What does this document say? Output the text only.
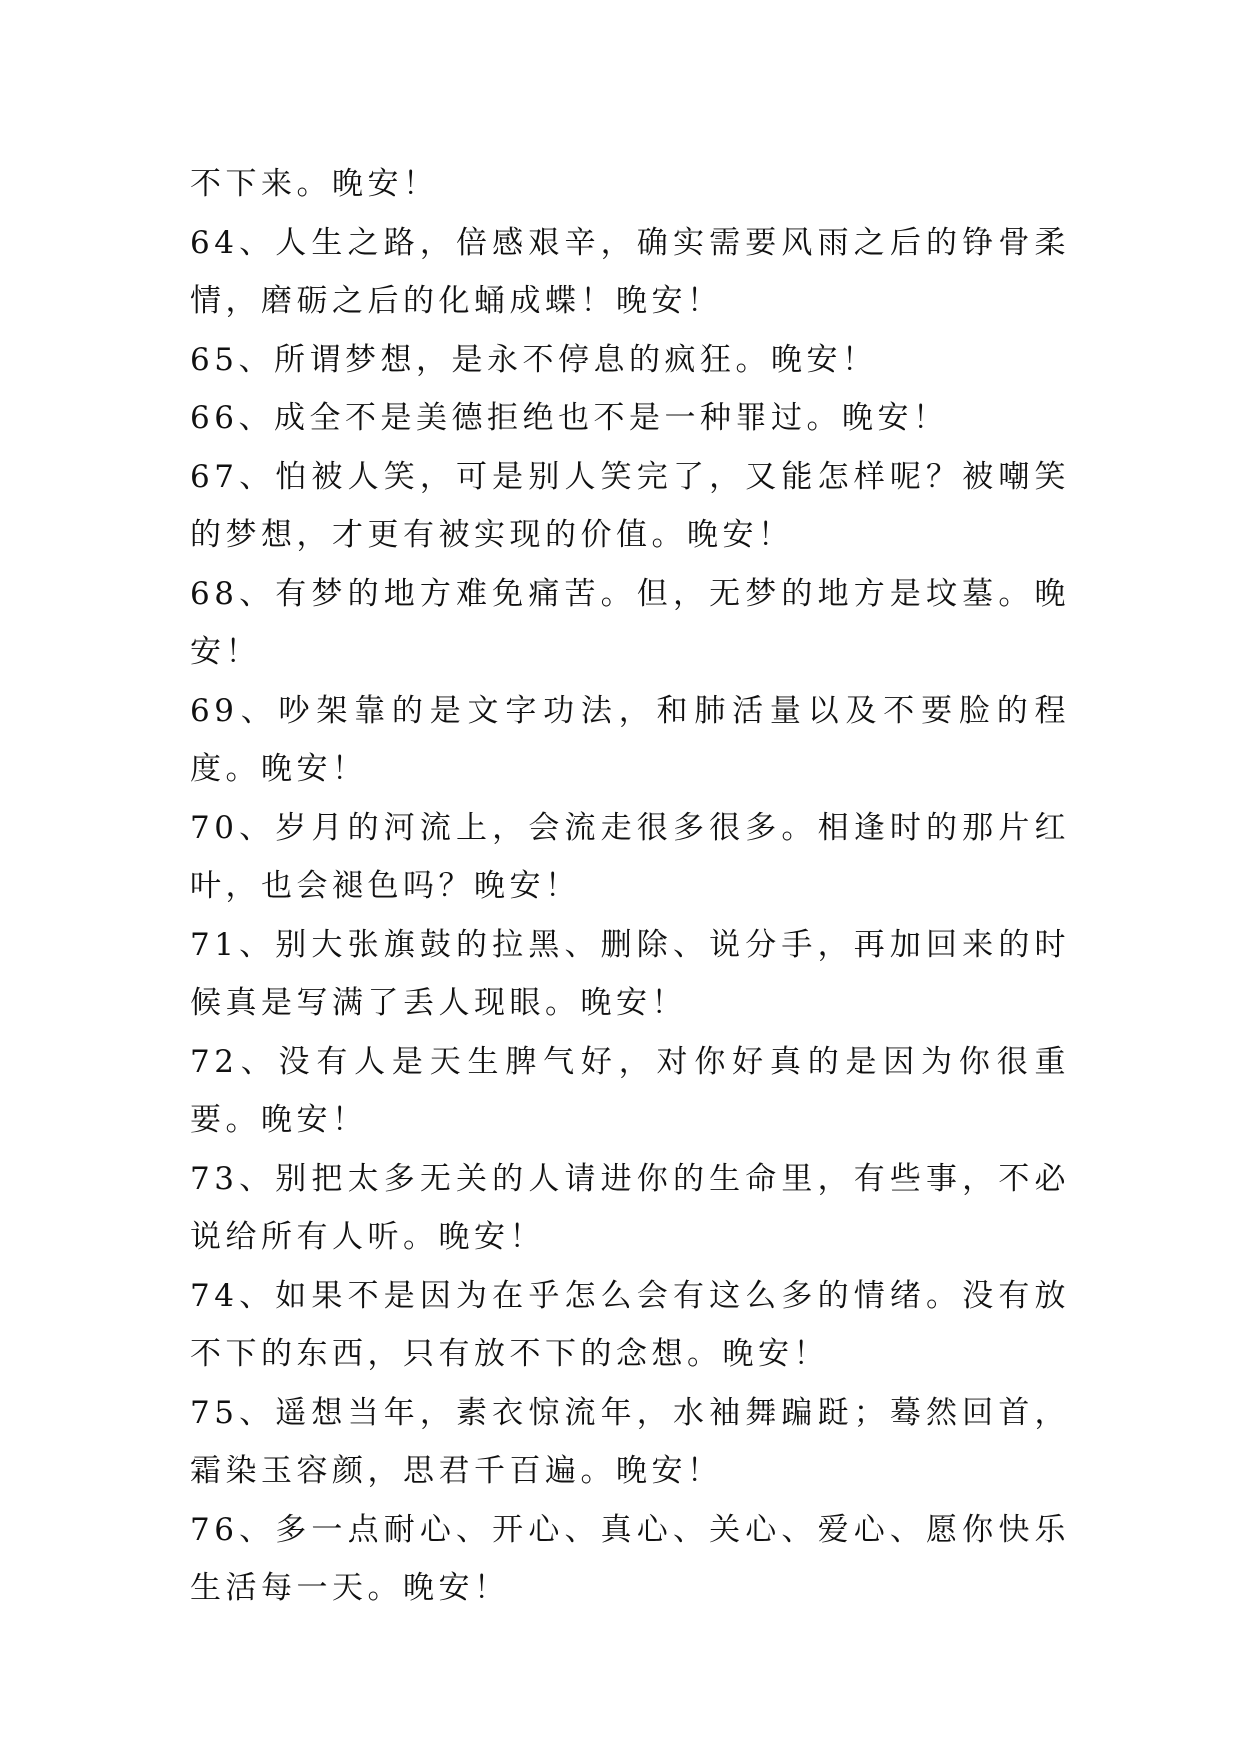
不下来。晚安！

64、人生之路，倍感艰辛，确实需要风雨之后的铮骨柔情，磨砺之后的化蛹成蝶！晚安！

65、所谓梦想，是永不停息的疯狂。晚安！

66、成全不是美德拒绝也不是一种罪过。晚安！

67、怕被人笑，可是别人笑完了，又能怎样呢？被嘲笑的梦想，才更有被实现的价值。晚安！

68、有梦的地方难免痛苦。但，无梦的地方是坟墓。晚安！

69、吵架靠的是文字功法，和肺活量以及不要脸的程度。晚安！

70、岁月的河流上，会流走很多很多。相逢时的那片红叶，也会褪色吗？晚安！

71、别大张旗鼓的拉黑、删除、说分手，再加回来的时候真是写满了丢人现眼。晚安！

72、没有人是天生脾气好，对你好真的是因为你很重要。晚安！

73、别把太多无关的人请进你的生命里，有些事，不必说给所有人听。晚安！

74、如果不是因为在乎怎么会有这么多的情绪。没有放不下的东西，只有放不下的念想。晚安！

75、遥想当年，素衣惊流年，水袖舞蹁跹；蓦然回首，霜染玉容颜，思君千百遍。晚安！

76、多一点耐心、开心、真心、关心、爱心、愿你快乐生活每一天。晚安！
